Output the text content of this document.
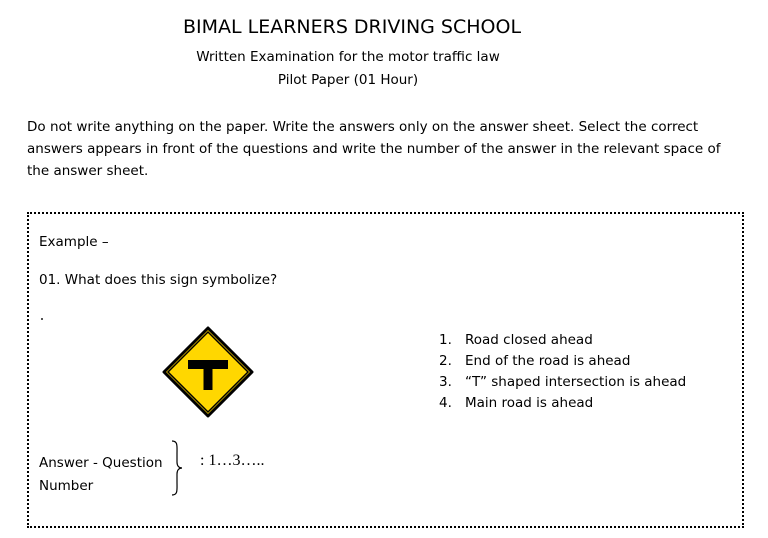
BIMAL LEARNERS DRIVING SCHOOL
Written Examination for the motor traffic law
Pilot Paper (01 Hour)
Do not write anything on the paper. Write the answers only on the answer sheet. Select the correct answers appears in front of the questions and write the number of the answer in the relevant space of the answer sheet.
Example –
01. What does this sign symbolize?
1. Road closed ahead
2. End of the road is ahead
3. “T” shaped intersection is ahead
4. Main road is ahead
Answer - Question
Number
: 1…3…..
